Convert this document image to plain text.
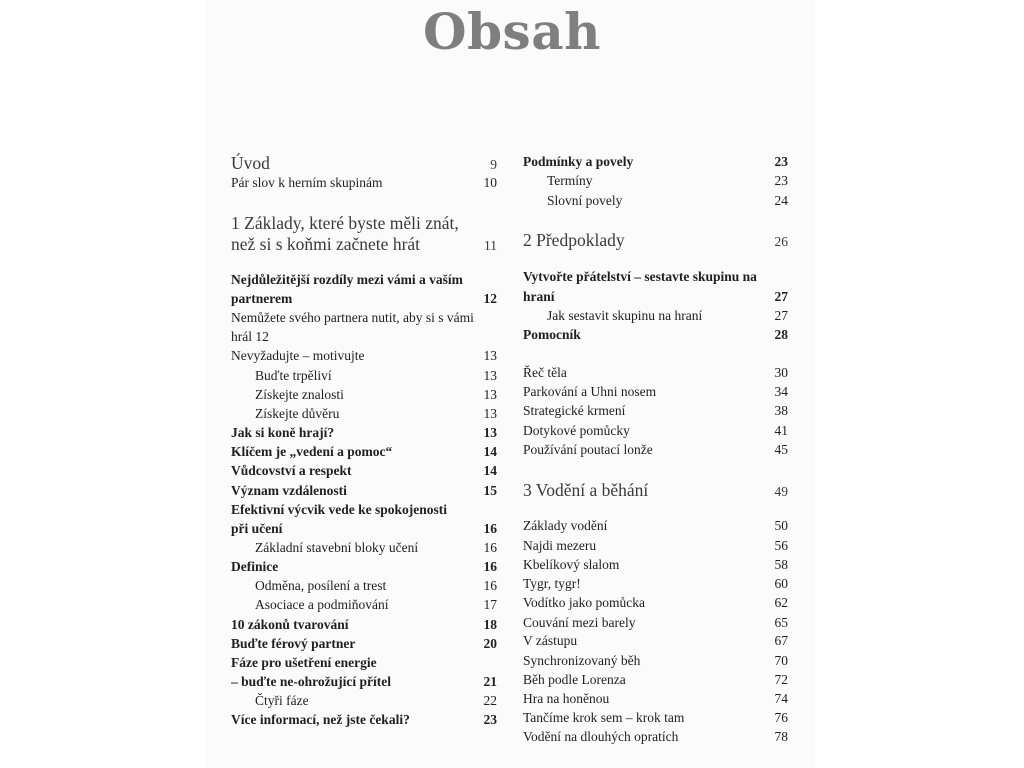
Obsah
Úvod	9
Pár slov k herním skupinám	10
1 Základy, které byste měli znát,
než si s koňmi začnete hrát	11
Nejdůležitější rozdíly mezi vámi a vaším
partnerem	12
Nemůžete svého partnera nutit, aby si s vámi
hrál 12
Nevyžadujte – motivujte	13
Buďte trpěliví	13
Získejte znalosti	13
Získejte důvěru	13
Jak si koně hrají?	13
Klíčem je „vedení a pomoc“	14
Vůdcovství a respekt	14
Význam vzdálenosti	15
Efektivní výcvik vede ke spokojenosti
při učení	16
Základní stavební bloky učení	16
Definice	16
Odměna, posílení a trest	16
Asociace a podmiňování	17
10 zákonů tvarování	18
Buďte férový partner	20
Fáze pro ušetření energie
– buďte ne-ohrožující přítel	21
Čtyři fáze	22
Více informací, než jste čekali?	23
Podmínky a povely	23
Termíny	23
Slovní povely	24
2 Předpoklady	26
Vytvořte přátelství – sestavte skupinu na
hraní	27
Jak sestavit skupinu na hraní	27
Pomocník	28
Řeč těla	30
Parkování a Uhni nosem	34
Strategické krmení	38
Dotykové pomůcky	41
Používání poutací lonže	45
3 Vodění a běhání	49
Základy vodění	50
Najdi mezeru	56
Kbelíkový slalom	58
Tygr, tygr!	60
Vodítko jako pomůcka	62
Couvání mezi barely	65
V zástupu	67
Synchronizovaný běh	70
Běh podle Lorenza	72
Hra na honěnou	74
Tančíme krok sem – krok tam	76
Vodění na dlouhých opratích	78
